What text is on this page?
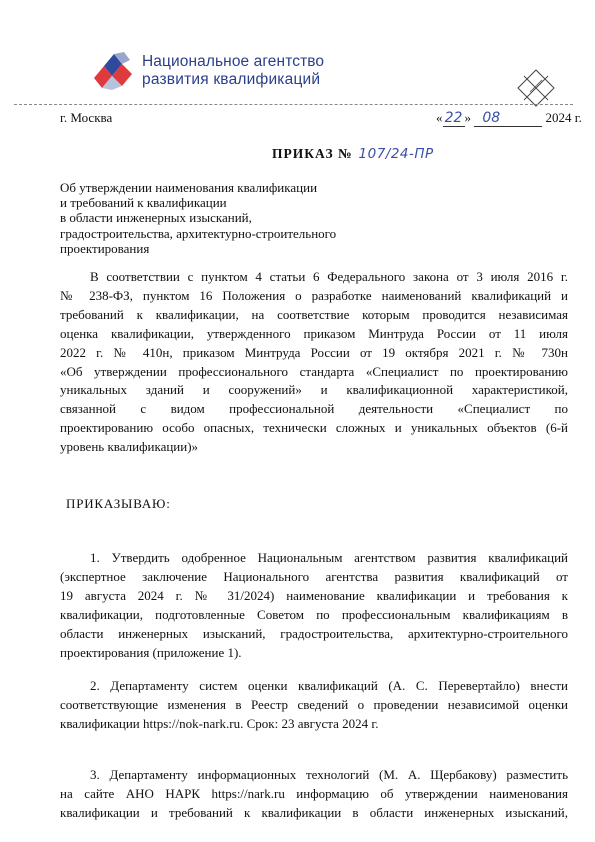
Национальное агентство
развития квалификаций
г. Москва	« 22 » 08	2024 г.
ПРИКАЗ № 107/24-ПР
Об утверждении наименования квалификации
и требований к квалификации
в области инженерных изысканий,
градостроительства, архитектурно-строительного
проектирования
В соответствии с пунктом 4 статьи 6 Федерального закона от 3 июля 2016 г.
№ 238-ФЗ, пунктом 16 Положения о разработке наименований квалификаций и
требований к квалификации, на соответствие которым проводится независимая
оценка квалификации, утвержденного приказом Минтруда России от 11 июля
2022 г. № 410н, приказом Минтруда России от 19 октября 2021 г. № 730н
«Об утверждении профессионального стандарта «Специалист по проектированию
уникальных зданий и сооружений» и квалификационной характеристикой,
связанной с видом профессиональной деятельности «Специалист по
проектированию особо опасных, технически сложных и уникальных объектов (6-й
уровень квалификации)»
ПРИКАЗЫВАЮ:
1. Утвердить одобренное Национальным агентством развития квалификаций
(экспертное заключение Национального агентства развития квалификаций от
19 августа 2024 г. № 31/2024) наименование квалификации и требования к
квалификации, подготовленные Советом по профессиональным квалификациям в
области инженерных изысканий, градостроительства, архитектурно-строительного
проектирования (приложение 1).
2. Департаменту систем оценки квалификаций (А. С. Перевертайло) внести
соответствующие изменения в Реестр сведений о проведении независимой оценки
квалификации https://nok-nark.ru. Срок: 23 августа 2024 г.
3. Департаменту информационных технологий (М. А. Щербакову) разместить
на сайте АНО НАРК https://nark.ru информацию об утверждении наименования
квалификации и требований к квалификации в области инженерных изысканий,
